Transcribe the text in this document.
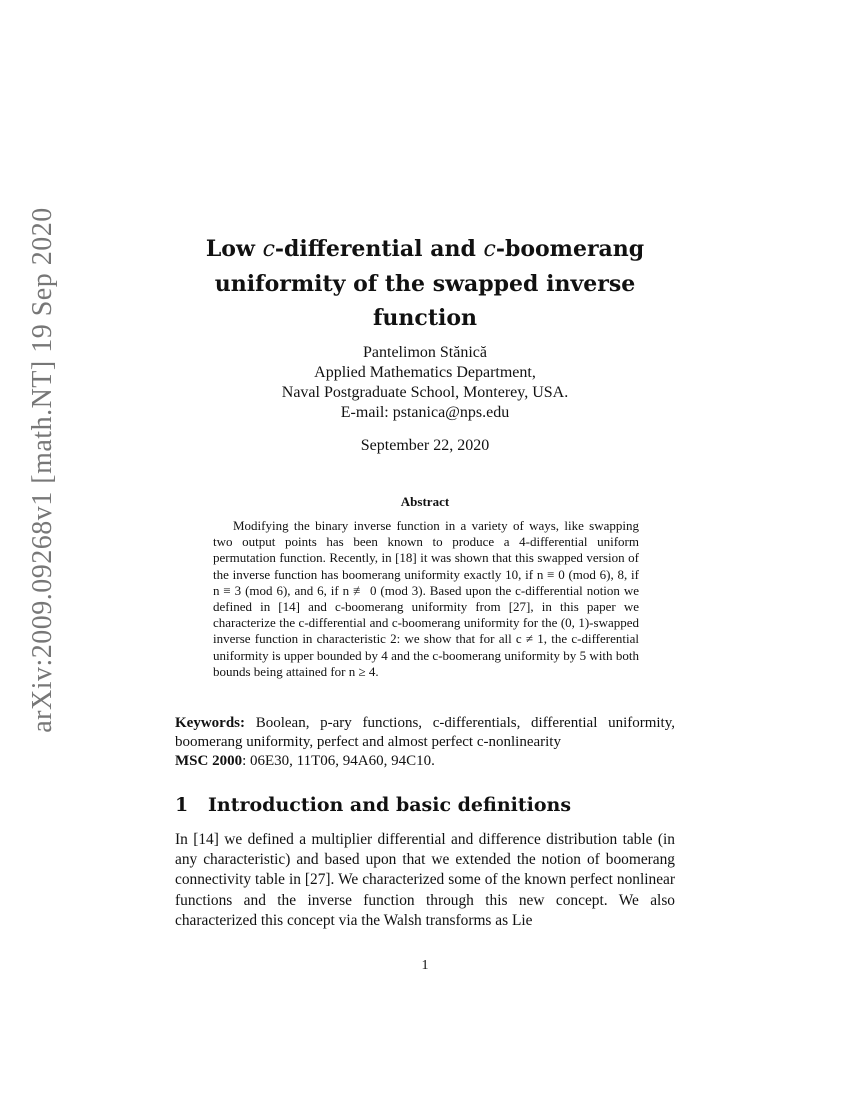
arXiv:2009.09268v1 [math.NT] 19 Sep 2020	Low c-differential and c-boomerang
uniformity of the swapped inverse
function
Pantelimon Stănică
Applied Mathematics Department,
Naval Postgraduate School, Monterey, USA.
E-mail: pstanica@nps.edu
September 22, 2020
Abstract
Modifying the binary inverse function in a variety of ways, like swapping two output points has been known to produce a 4-differential uniform permutation function. Recently, in [18] it was shown that this swapped version of the inverse function has boomerang uniformity exactly 10, if n ≡ 0 (mod 6), 8, if n ≡ 3 (mod 6), and 6, if n ≢ 0 (mod 3). Based upon the c-differential notion we defined in [14] and c-boomerang uniformity from [27], in this paper we characterize the c-differential and c-boomerang uniformity for the (0, 1)-swapped inverse function in characteristic 2: we show that for all c ≠ 1, the c-differential uniformity is upper bounded by 4 and the c-boomerang uniformity by 5 with both bounds being attained for n ≥ 4.
Keywords: Boolean, p-ary functions, c-differentials, differential uniformity, boomerang uniformity, perfect and almost perfect c-nonlinearity
MSC 2000: 06E30, 11T06, 94A60, 94C10.
1 Introduction and basic definitions
In [14] we defined a multiplier differential and difference distribution table (in any characteristic) and based upon that we extended the notion of boomerang connectivity table in [27]. We characterized some of the known perfect nonlinear functions and the inverse function through this new concept. We also characterized this concept via the Walsh transforms as Lie
1
